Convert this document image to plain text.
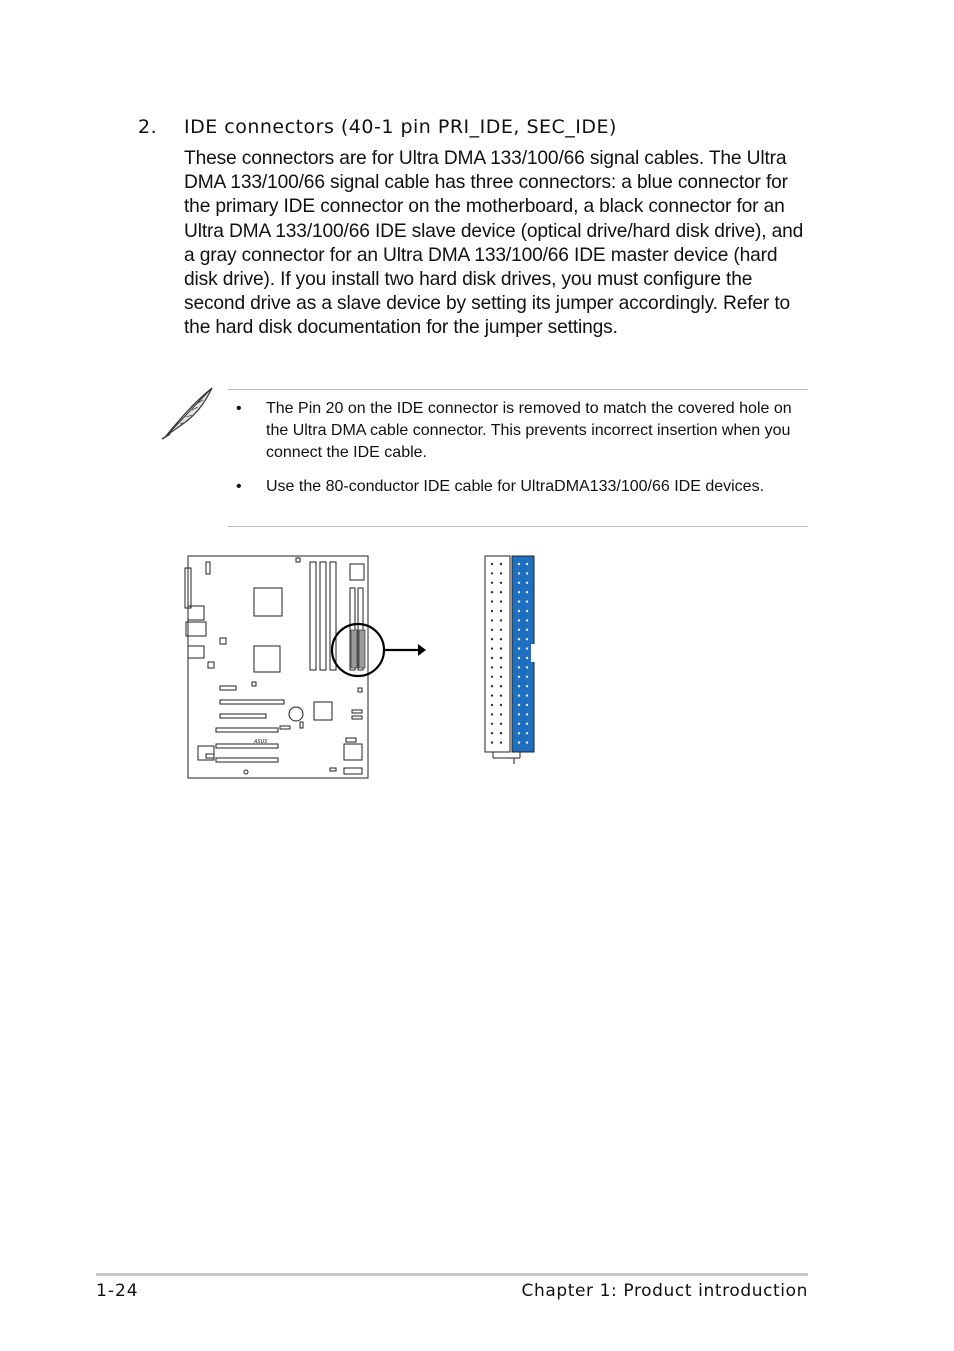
2. IDE connectors (40-1 pin PRI_IDE, SEC_IDE)

These connectors are for Ultra DMA 133/100/66 signal cables. The Ultra DMA 133/100/66 signal cable has three connectors: a blue connector for the primary IDE connector on the motherboard, a black connector for an Ultra DMA 133/100/66 IDE slave device (optical drive/hard disk drive), and a gray connector for an Ultra DMA 133/100/66 IDE master device (hard disk drive). If you install two hard disk drives, you must configure the second drive as a slave device by setting its jumper accordingly. Refer to the hard disk documentation for the jumper settings.

• The Pin 20 on the IDE connector is removed to match the covered hole on the Ultra DMA cable connector. This prevents incorrect insertion when you connect the IDE cable.
• Use the 80-conductor IDE cable for UltraDMA133/100/66 IDE devices.
ASUS
1-24	Chapter 1: Product introduction
